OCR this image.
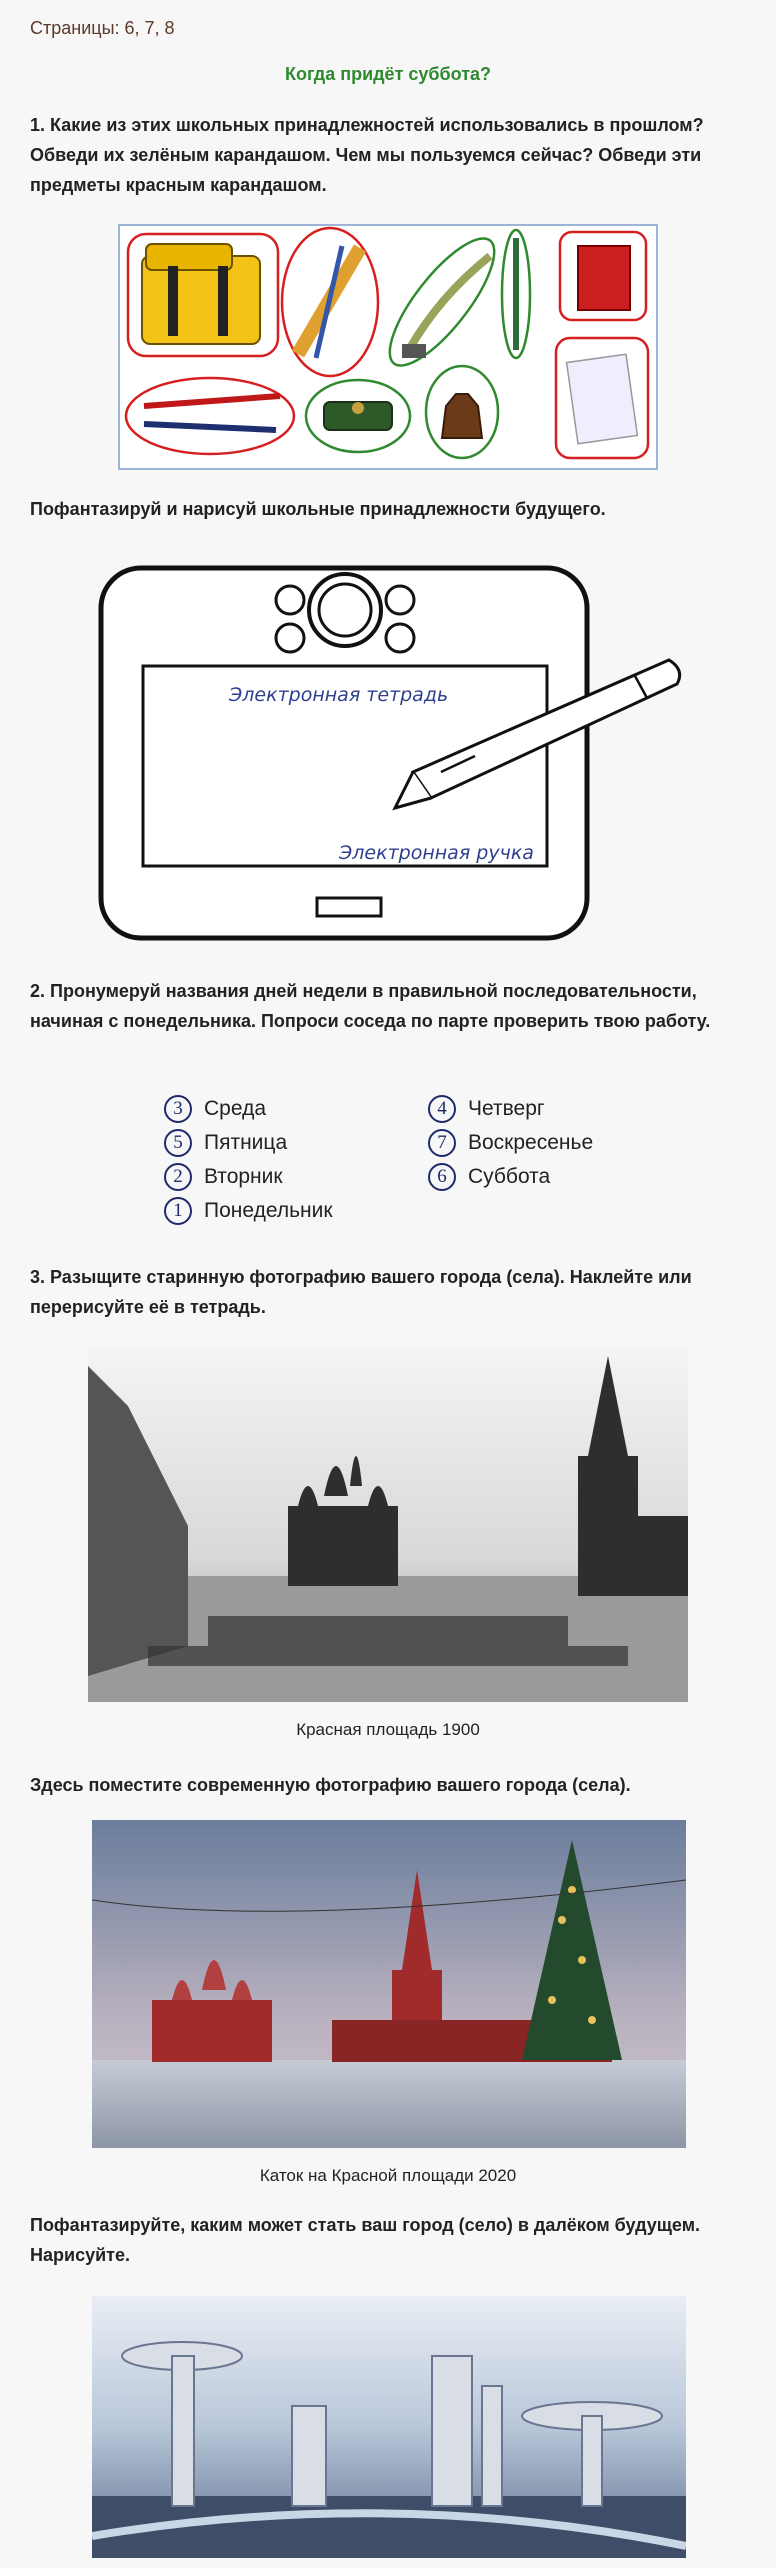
Страницы: 6, 7, 8
Когда придёт суббота?
1. Какие из этих школьных принадлежностей использовались в прошлом? Обведи их зелёным карандашом. Чем мы пользуемся сейчас? Обведи эти предметы красным карандашом.
Пофантазируй и нарисуй школьные принадлежности будущего.
Электронная тетрадь
Электронная ручка
2. Пронумеруй названия дней недели в правильной последовательности, начиная с понедельника. Попроси соседа по парте проверить твою работу.
3	Среда
5	Пятница
2	Вторник
1	Понедельник
4	Четверг
7	Воскресенье
6	Суббота
3. Разыщите старинную фотографию вашего города (села). Наклейте или перерисуйте её в тетрадь.
Красная площадь 1900
Здесь поместите современную фотографию вашего города (села).
Каток на Красной площади 2020
Пофантазируйте, каким может стать ваш город (село) в далёком будущем. Нарисуйте.
